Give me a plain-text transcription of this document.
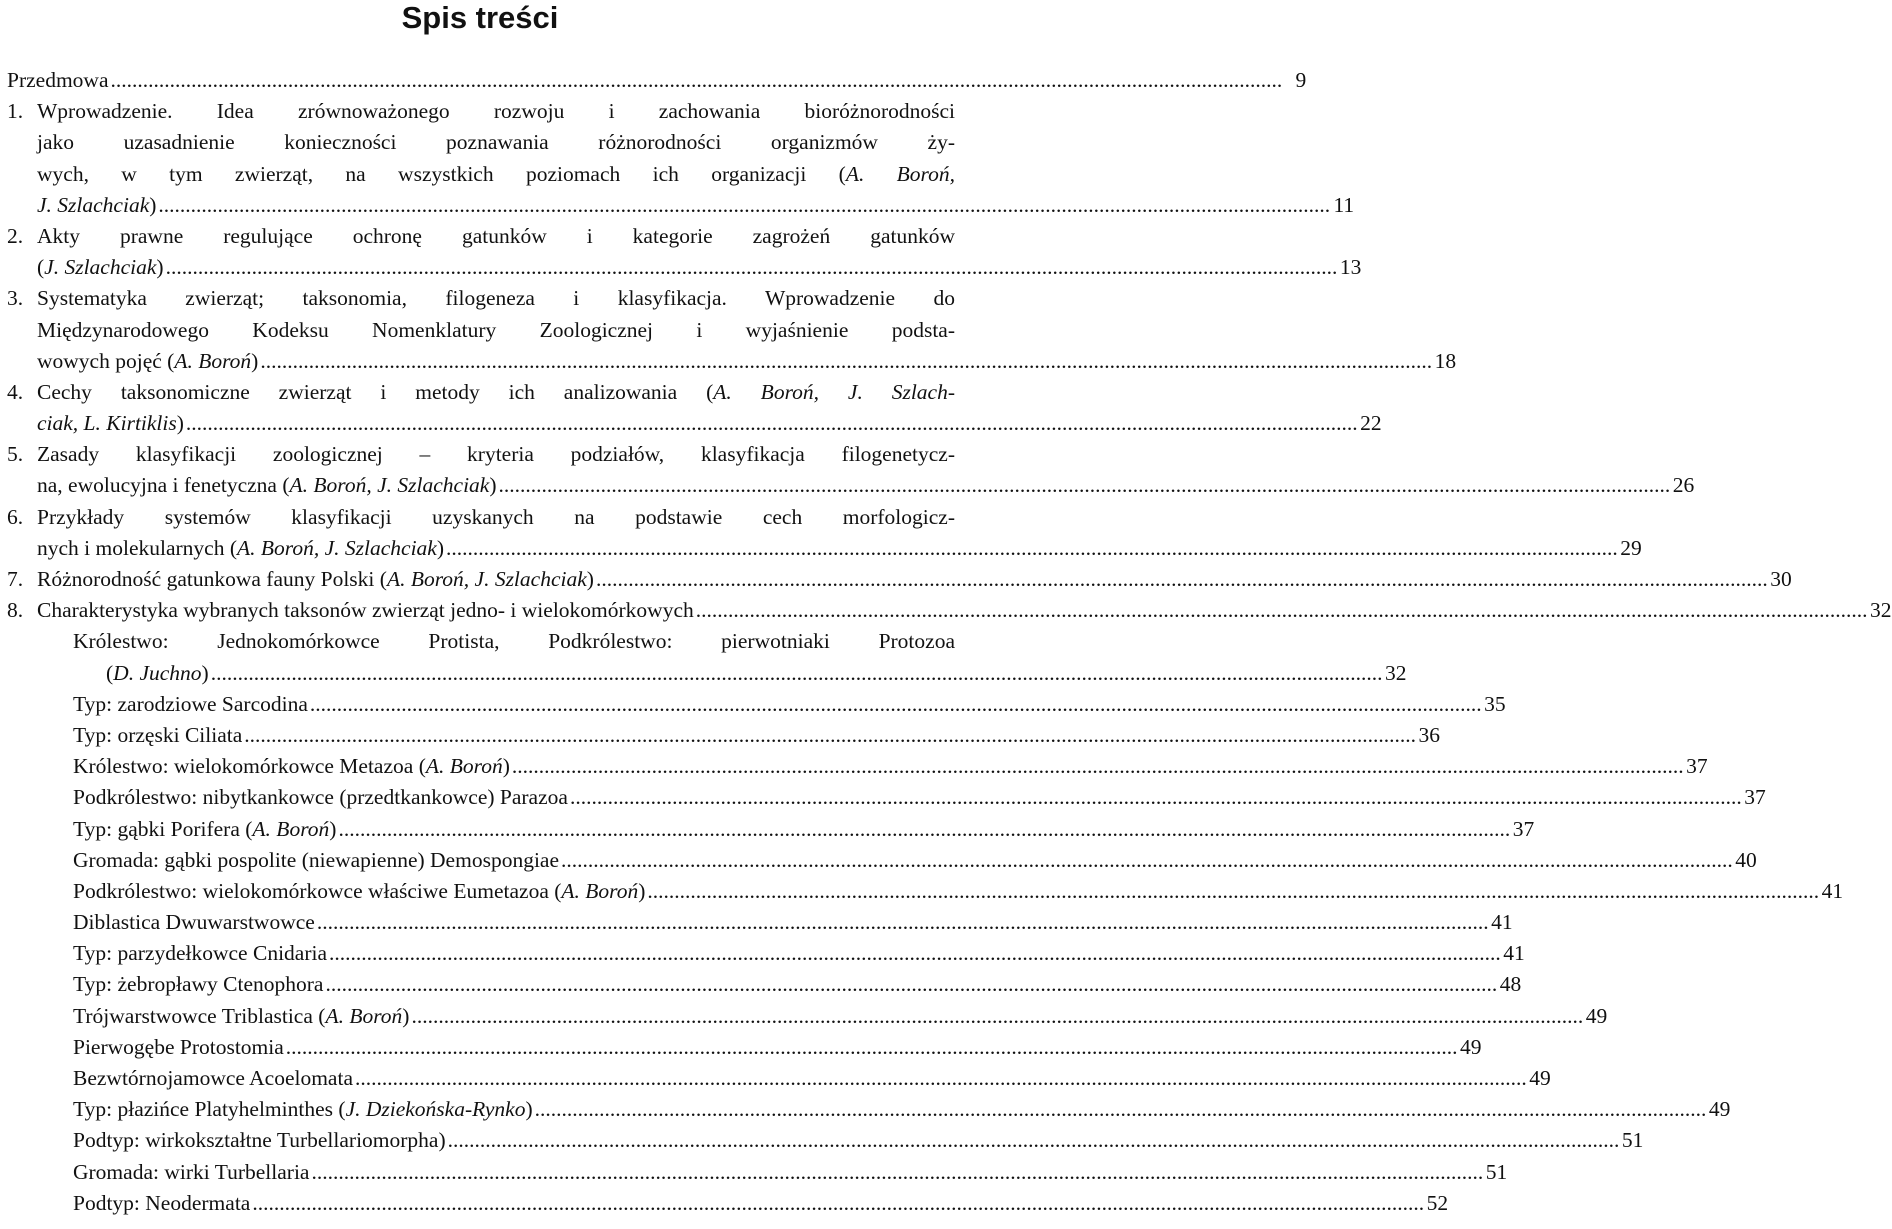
Spis treści
Przedmowa .....	9
1. Wprowadzenie. Idea zrównoważonego rozwoju i zachowania bioróżnorodności
jako uzasadnienie konieczności poznawania różnorodności organizmów ży-
wych, w tym zwierząt, na wszystkich poziomach ich organizacji (A. Boroń,
J. Szlachciak) .....	11
2. Akty prawne regulujące ochronę gatunków i kategorie zagrożeń gatunków
(J. Szlachciak) .....	13
3. Systematyka zwierząt; taksonomia, filogeneza i klasyfikacja. Wprowadzenie do
Międzynarodowego Kodeksu Nomenklatury Zoologicznej i wyjaśnienie podsta-
wowych pojęć (A. Boroń) .....	18
4. Cechy taksonomiczne zwierząt i metody ich analizowania (A. Boroń, J. Szlach-
ciak, L. Kirtiklis) .....	22
5. Zasady klasyfikacji zoologicznej – kryteria podziałów, klasyfikacja filogenetycz-
na, ewolucyjna i fenetyczna (A. Boroń, J. Szlachciak) .....	26
6. Przykłady systemów klasyfikacji uzyskanych na podstawie cech morfologicz-
nych i molekularnych (A. Boroń, J. Szlachciak) .....	29
7. Różnorodność gatunkowa fauny Polski (A. Boroń, J. Szlachciak) .....	30
8. Charakterystyka wybranych taksonów zwierząt jedno- i wielokomórkowych .....	32
Królestwo: Jednokomórkowce Protista, Podkrólestwo: pierwotniaki Protozoa
(D. Juchno) .....	32
Typ: zarodziowe Sarcodina .....	35
Typ: orzęski Ciliata .....	36
Królestwo: wielokomórkowce Metazoa (A. Boroń) .....	37
Podkrólestwo: nibytkankowce (przedtkankowce) Parazoa .....	37
Typ: gąbki Porifera (A. Boroń) .....	37
Gromada: gąbki pospolite (niewapienne) Demospongiae .....	40
Podkrólestwo: wielokomórkowce właściwe Eumetazoa (A. Boroń) .....	41
Diblastica Dwuwarstwowce .....	41
Typ: parzydełkowce Cnidaria .....	41
Typ: żebropławy Ctenophora .....	48
Trójwarstwowce Triblastica (A. Boroń) .....	49
Pierwogębe Protostomia .....	49
Bezwtórnojamowce Acoelomata .....	49
Typ: płazińce Platyhelminthes (J. Dziekońska-Rynko) .....	49
Podtyp: wirkokształtne Turbellariomorpha) .....	51
Gromada: wirki Turbellaria .....	51
Podtyp: Neodermata .....	52
